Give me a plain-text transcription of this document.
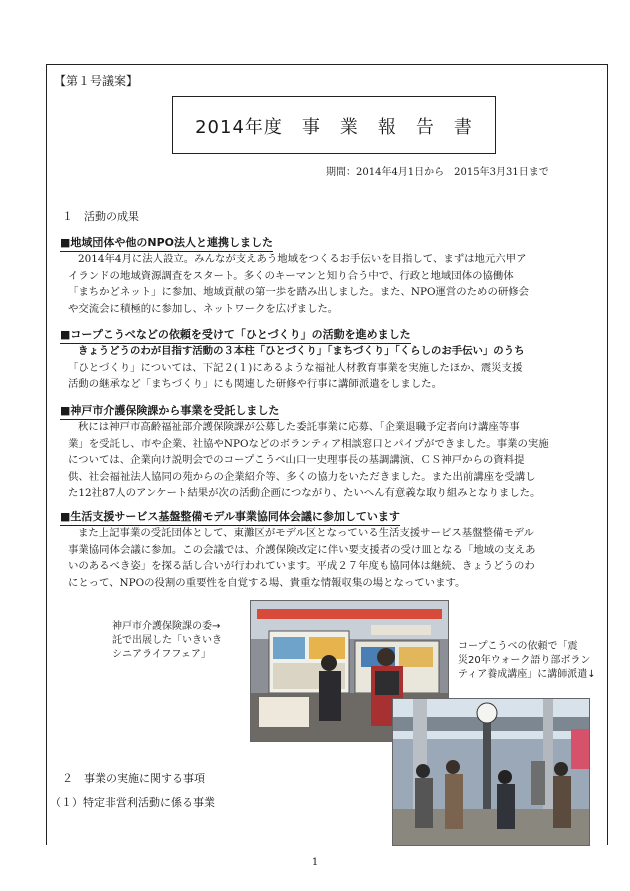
【第１号議案】
2014年度　事　業　報　告　書
期間：2014年4月1日から　2015年3月31日まで
１　活動の成果
■地域団体や他のNPO法人と連携しました

2014年4月に法人設立。みんなが支えあう地域をつくるお手伝いを目指して、まずは地元六甲ア

イランドの地域資源調査をスタート。多くのキーマンと知り合う中で、行政と地域団体の協働体

「まちかどネット」に参加、地域貢献の第一歩を踏み出しました。また、NPO運営のための研修会

や交流会に積極的に参加し、ネットワークを広げました。

■コープこうべなどの依頼を受けて「ひとづくり」の活動を進めました

きょうどうのわが目指す活動の３本柱「ひとづくり」「まちづくり」「くらしのお手伝い」のうち

「ひとづくり」については、下記２(１)にあるような福祉人材教育事業を実施したほか、震災支援

活動の継承など「まちづくり」にも関連した研修や行事に講師派遣をしました。

■神戸市介護保険課から事業を受託しました

秋には神戸市高齢福祉部介護保険課が公募した委託事業に応募、「企業退職予定者向け講座等事

業」を受託し、市や企業、社協やNPOなどのボランティア相談窓口とパイプができました。事業の実施

については、企業向け説明会でのコープこうべ山口一史理事長の基調講演、ＣＳ神戸からの資料提

供、社会福祉法人協同の苑からの企業紹介等、多くの協力をいただきました。また出前講座を受講し

た12社87人のアンケート結果が次の活動企画につながり、たいへん有意義な取り組みとなりました。

■生活支援サービス基盤整備モデル事業協同体会議に参加しています

また上記事業の受託団体として、東灘区がモデル区となっている生活支援サービス基盤整備モデル

事業協同体会議に参加。この会議では、介護保険改定に伴い要支援者の受け皿となる「地域の支えあ

いのあるべき姿」を探る話し合いが行われています。平成２７年度も協同体は継続、きょうどうのわ

にとって、NPOの役割の重要性を自覚する場、貴重な情報収集の場となっています。

神戸市介護保険課の委→

託で出展した「いきいき

シニアライフフェア」

コープこうべの依頼で「震

災20年ウォーク語り部ボランティア養成講座」に講師派遣↓

２　事業の実施に関する事項
（１）特定非営利活動に係る事業
1
